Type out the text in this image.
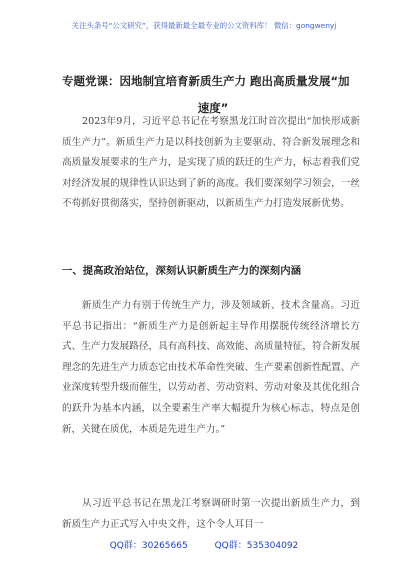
关注头条号“公文研究”，获得最新最全最专业的公文资料库！ 微信：gongwenyj
专题党课：因地制宜培育新质生产力 跑出高质量发展“加
速度”

2023年9月，习近平总书记在考察黑龙江时首次提出“加快形成新质生产力”。新质生产力是以科技创新为主要驱动、符合新发展理念和高质量发展要求的生产力，是实现了质的跃迁的生产力，标志着我们党对经济发展的规律性认识达到了新的高度。我们要深刻学习领会，一丝不苟抓好贯彻落实，坚持创新驱动，以新质生产力打造发展新优势。

一、提高政治站位，深刻认识新质生产力的深刻内涵

新质生产力有别于传统生产力，涉及领域新、技术含量高。习近平总书记指出：“新质生产力是创新起主导作用摆脱传统经济增长方式、生产力发展路径，具有高科技、高效能、高质量特征，符合新发展理念的先进生产力质态它由技术革命性突破、生产要素创新性配置、产业深度转型升级而催生，以劳动者、劳动资料、劳动对象及其优化组合的跃升为基本内涵，以全要素生产率大幅提升为核心标志，特点是创新，关键在质优，本质是先进生产力。”

从习近平总书记在黑龙江考察调研时第一次提出新质生产力，到新质生产力正式写入中央文件，这个令人耳目一

QQ群：30265665	QQ群：535304092
